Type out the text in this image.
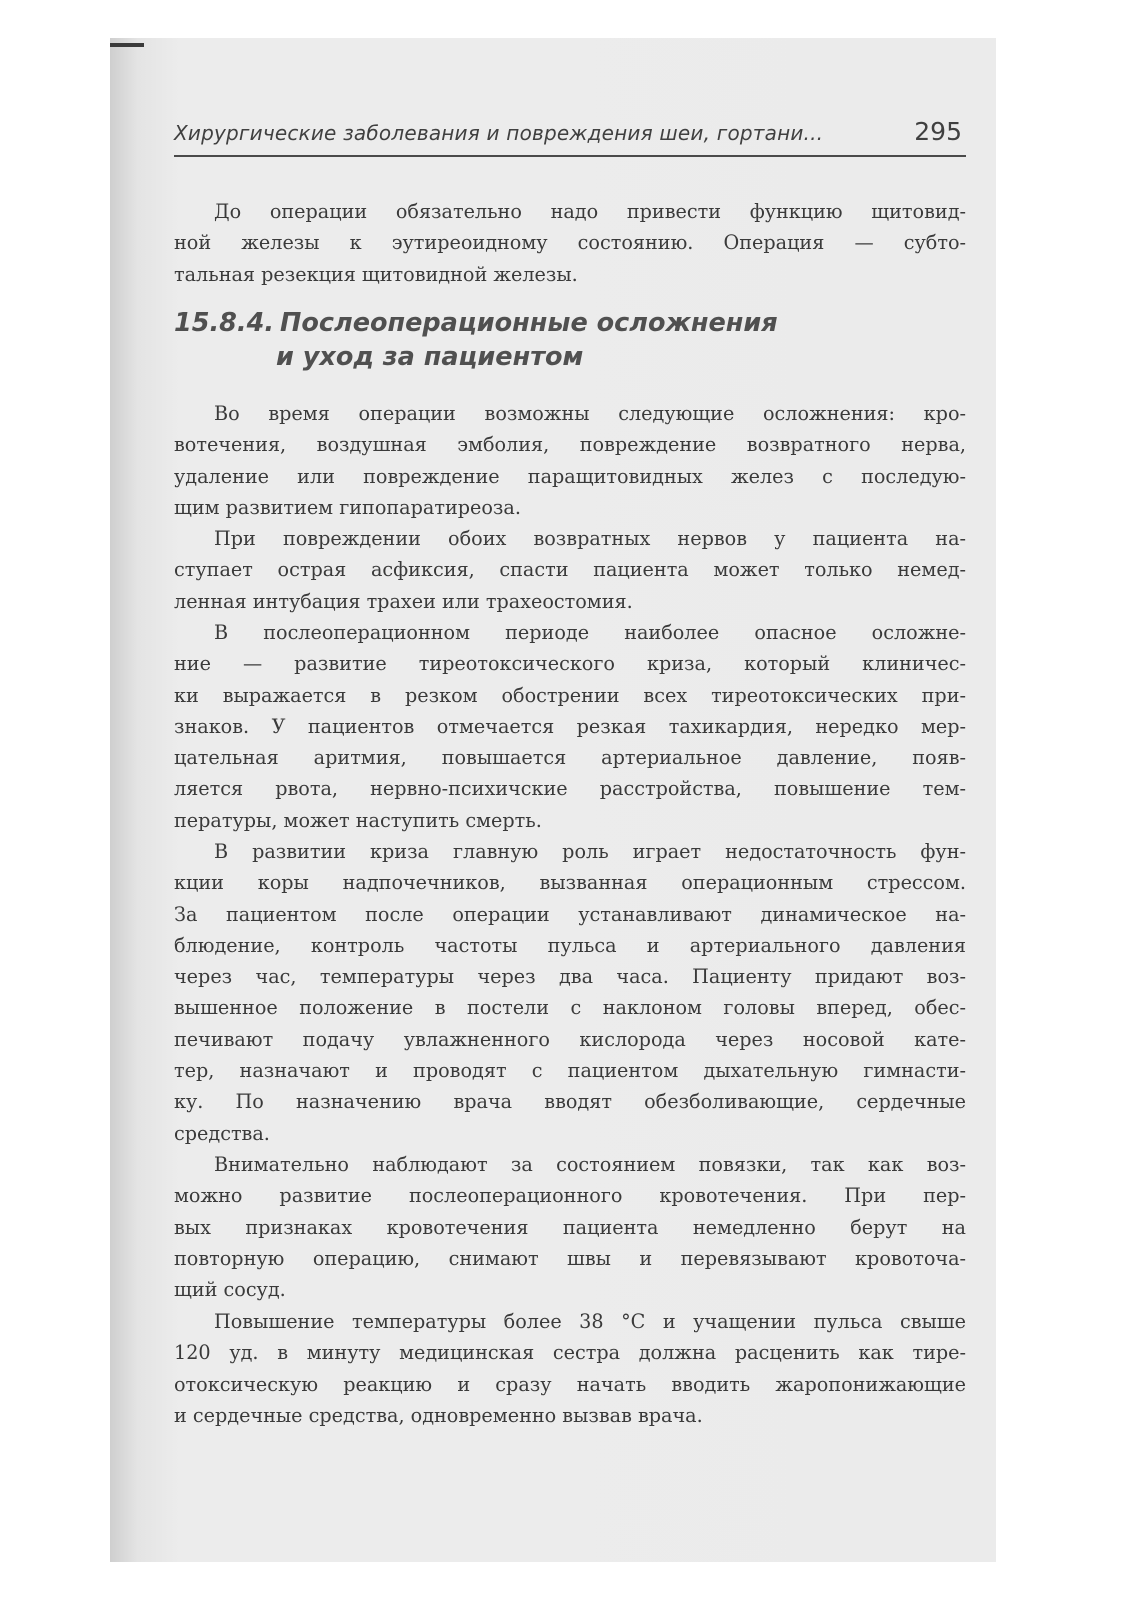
Хирургические заболевания и повреждения шеи, гортани...	295

До операции обязательно надо привести функцию щитовид-
ной железы к эутиреоидному состоянию. Операция — субто-
тальная резекция щитовидной железы.

15.8.4. Послеоперационные осложнения
и уход за пациентом

Во время операции возможны следующие осложнения: кро-
вотечения, воздушная эмболия, повреждение возвратного нерва,
удаление или повреждение паращитовидных желез с последую-
щим развитием гипопаратиреоза.

При повреждении обоих возвратных нервов у пациента на-
ступает острая асфиксия, спасти пациента может только немед-
ленная интубация трахеи или трахеостомия.

В послеоперационном периоде наиболее опасное осложне-
ние — развитие тиреотоксического криза, который клиничес-
ки выражается в резком обострении всех тиреотоксических при-
знаков. У пациентов отмечается резкая тахикардия, нередко мер-
цательная аритмия, повышается артериальное давление, появ-
ляется рвота, нервно-психичские расстройства, повышение тем-
пературы, может наступить смерть.

В развитии криза главную роль играет недостаточность фун-
кции коры надпочечников, вызванная операционным стрессом.
За пациентом после операции устанавливают динамическое на-
блюдение, контроль частоты пульса и артериального давления
через час, температуры через два часа. Пациенту придают воз-
вышенное положение в постели с наклоном головы вперед, обес-
печивают подачу увлажненного кислорода через носовой кате-
тер, назначают и проводят с пациентом дыхательную гимнасти-
ку. По назначению врача вводят обезболивающие, сердечные
средства.

Внимательно наблюдают за состоянием повязки, так как воз-
можно развитие послеоперационного кровотечения. При пер-
вых признаках кровотечения пациента немедленно берут на
повторную операцию, снимают швы и перевязывают кровоточа-
щий сосуд.

Повышение температуры более 38 °С и учащении пульса свыше
120 уд. в минуту медицинская сестра должна расценить как тире-
отоксическую реакцию и сразу начать вводить жаропонижающие
и сердечные средства, одновременно вызвав врача.
